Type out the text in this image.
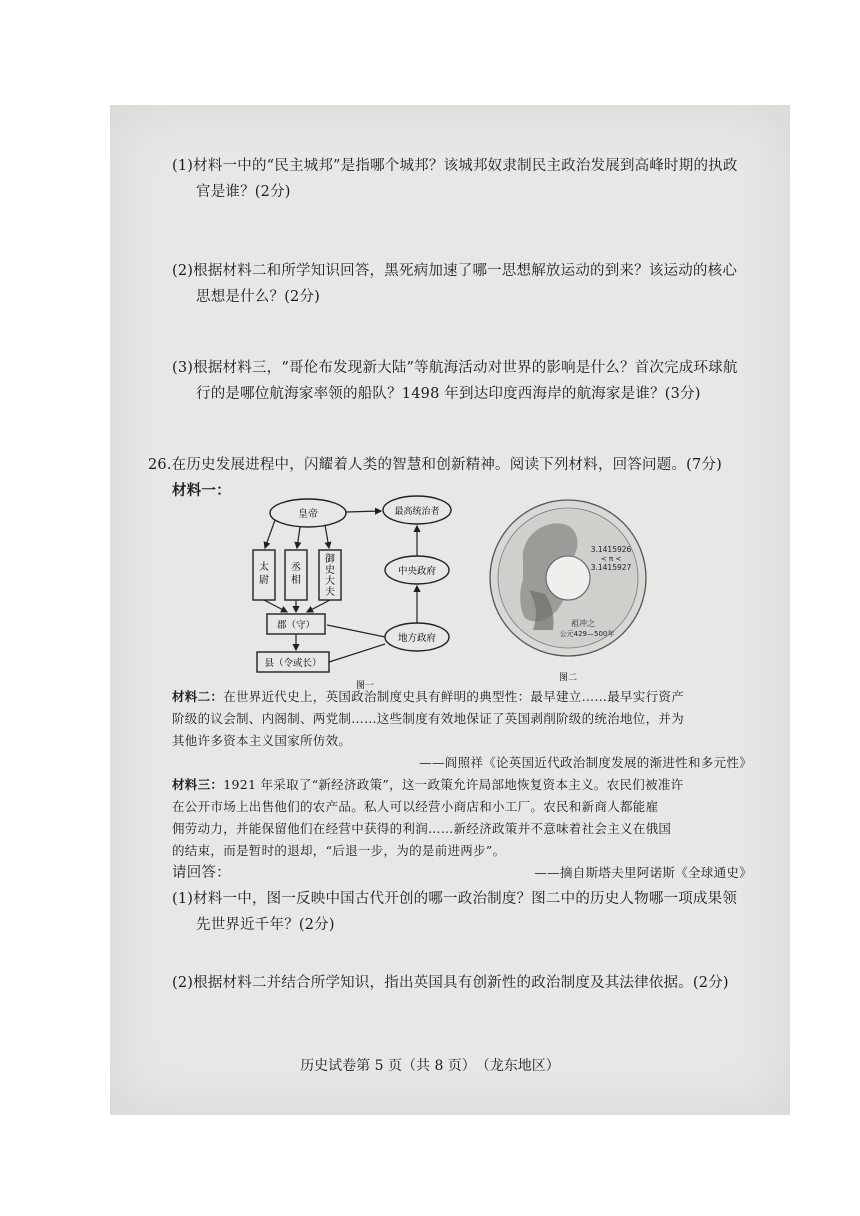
(1)材料一中的“民主城邦”是指哪个城邦？该城邦奴隶制民主政治发展到高峰时期的执政
官是谁？(2分)
(2)根据材料二和所学知识回答，黑死病加速了哪一思想解放运动的到来？该运动的核心
思想是什么？(2分)
(3)根据材料三，“哥伦布发现新大陆”等航海活动对世界的影响是什么？首次完成环球航
行的是哪位航海家率领的船队？1498 年到达印度西海岸的航海家是谁？(3分)
26.在历史发展进程中，闪耀着人类的智慧和创新精神。阅读下列材料，回答问题。(7分)
材料一：
皇帝	最高统治者
太尉
丞相
御史大夫
中央政府
郡（守）
地方政府
县（令或长）
图一
3.1415926
< π <
3.1415927
祖冲之
公元429—500年
图二
材料二：在世界近代史上，英国政治制度史具有鲜明的典型性：最早建立……最早实行资产
阶级的议会制、内阁制、两党制……这些制度有效地保证了英国剥削阶级的统治地位，并为
其他许多资本主义国家所仿效。
——阎照祥《论英国近代政治制度发展的渐进性和多元性》
材料三：1921 年采取了“新经济政策”，这一政策允许局部地恢复资本主义。农民们被准许
在公开市场上出售他们的农产品。私人可以经营小商店和小工厂。农民和新商人都能雇
佣劳动力，并能保留他们在经营中获得的利润……新经济政策并不意味着社会主义在俄国
的结束，而是暂时的退却，“后退一步，为的是前进两步”。
——摘自斯塔夫里阿诺斯《全球通史》
请回答：
(1)材料一中，图一反映中国古代开创的哪一政治制度？图二中的历史人物哪一项成果领
先世界近千年？(2分)
(2)根据材料二并结合所学知识，指出英国具有创新性的政治制度及其法律依据。(2分)
历史试卷第 5 页（共 8 页）　（龙东地区）
